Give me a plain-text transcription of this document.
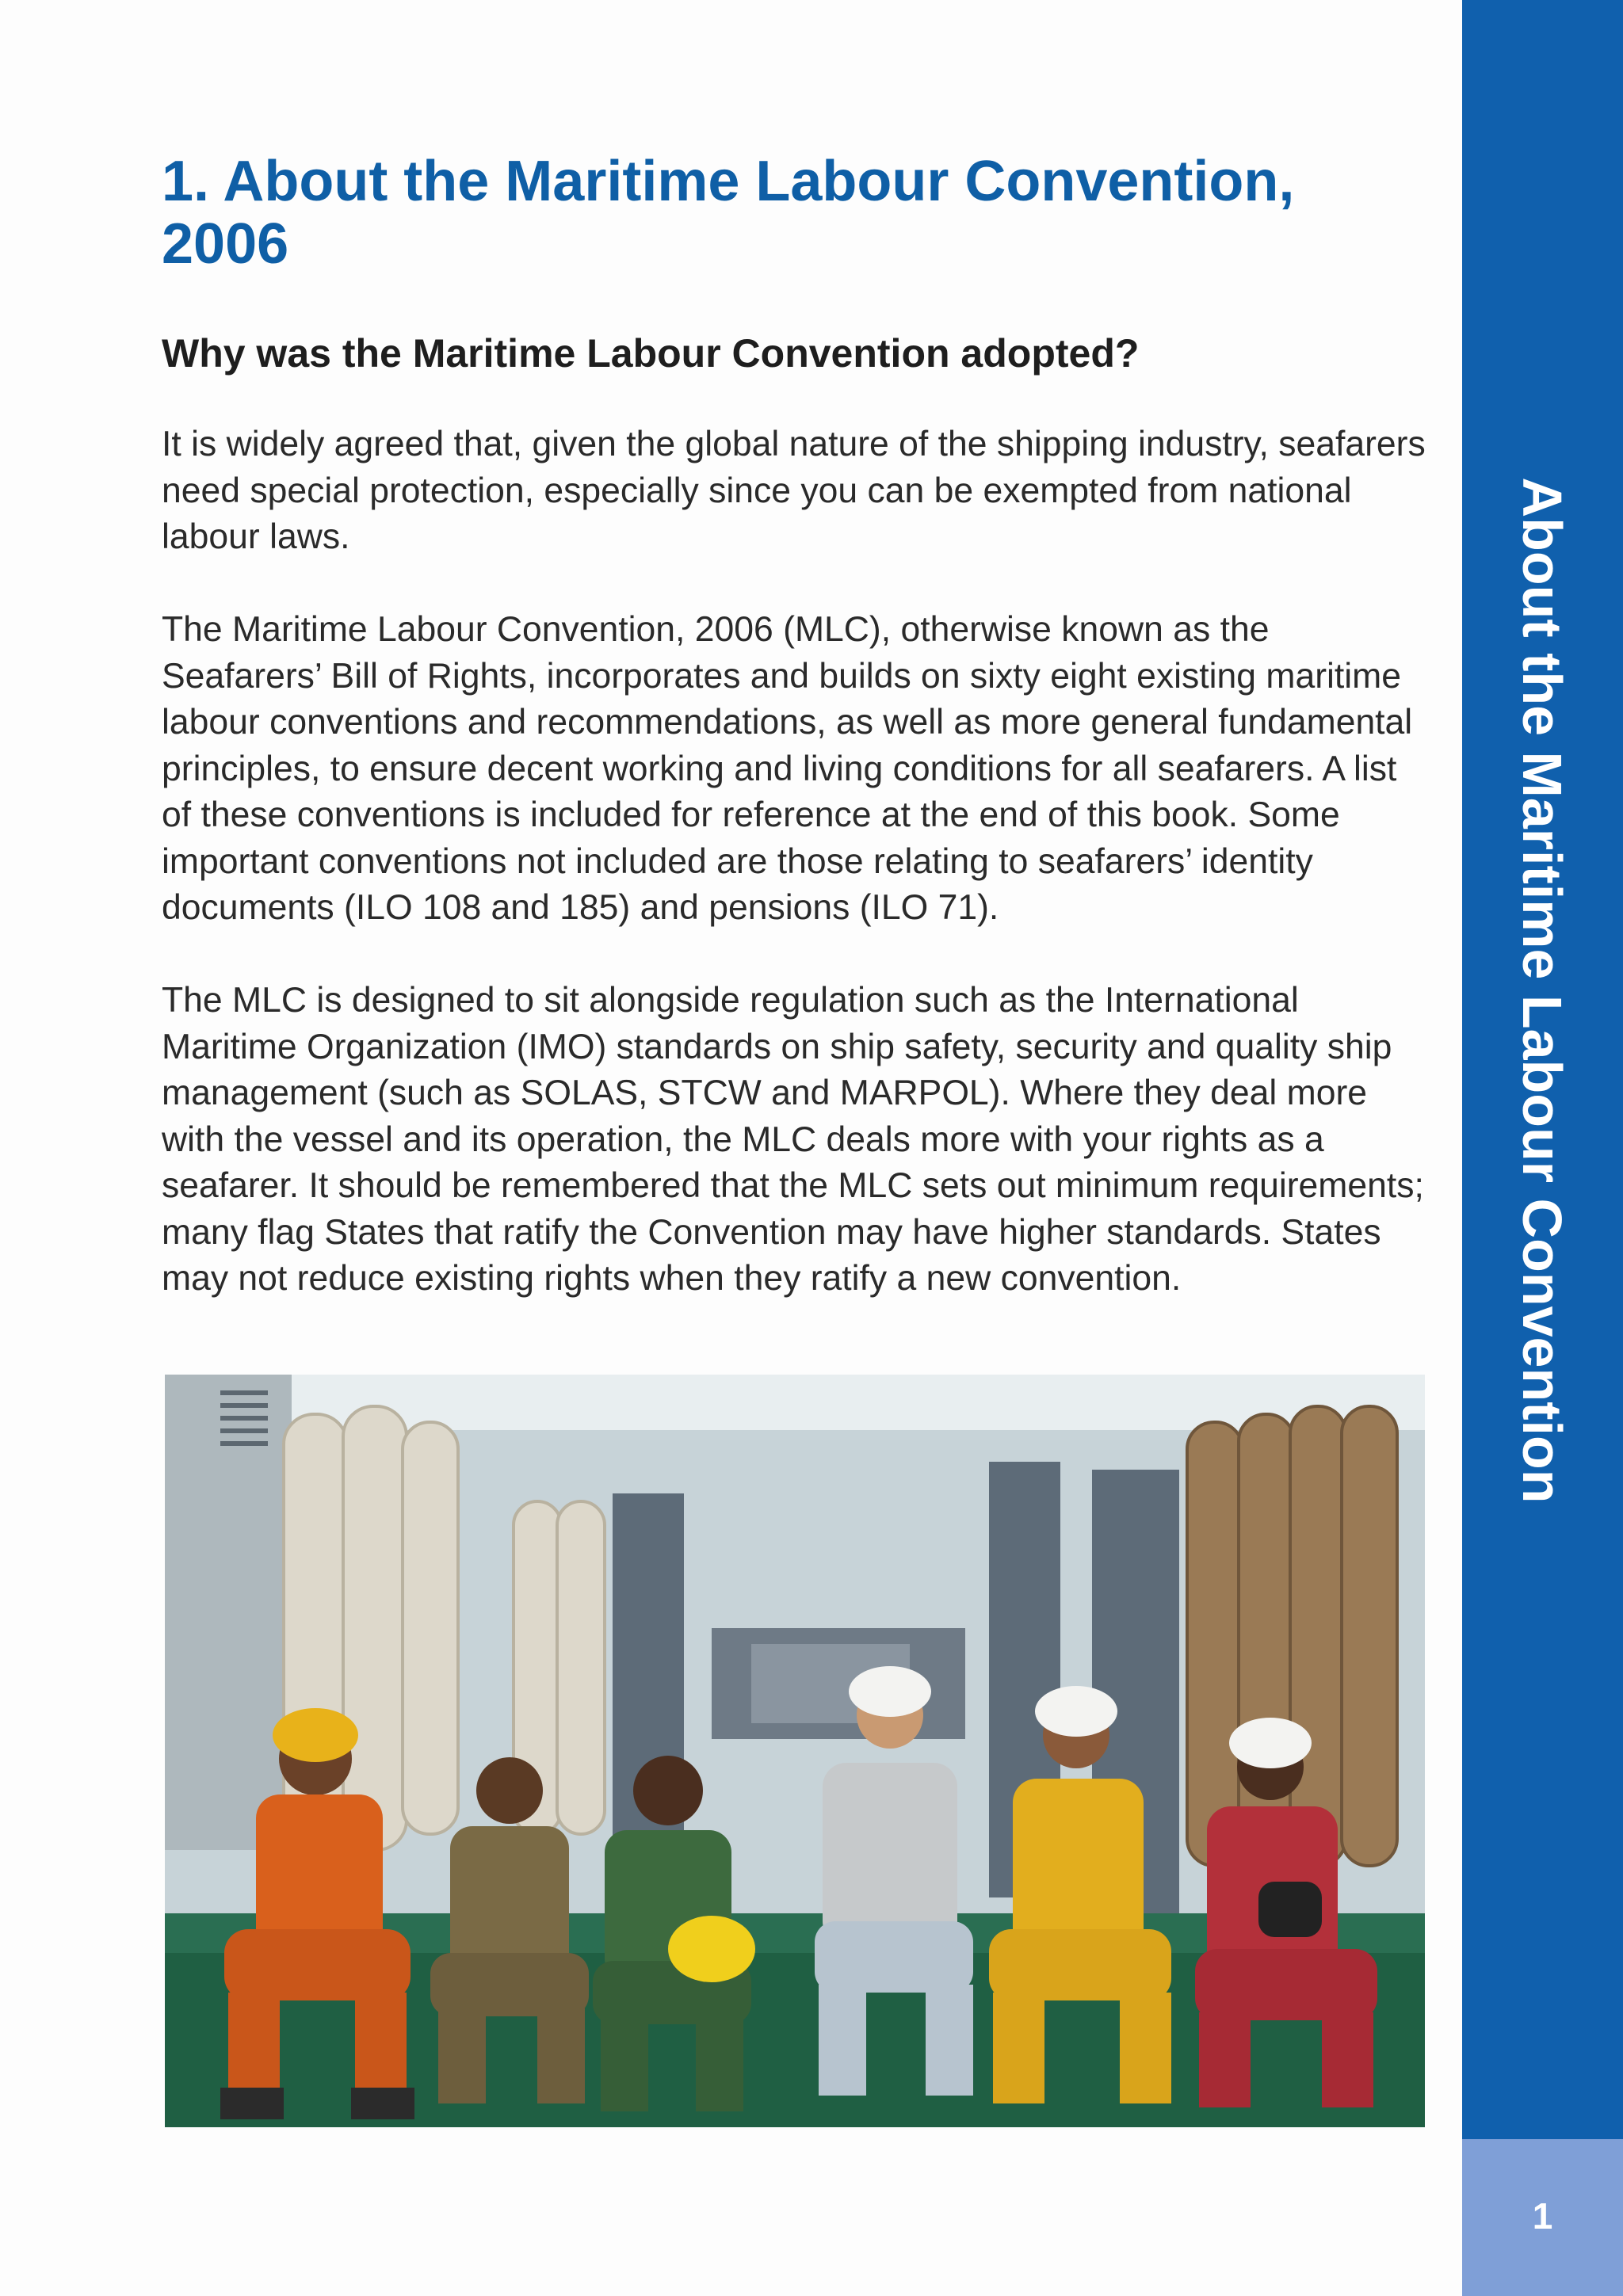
1. About the Maritime Labour Convention, 2006
Why was the Maritime Labour Convention adopted?

It is widely agreed that, given the global nature of the shipping industry, seafarers need special protection, especially since you can be exempted from national labour laws.

The Maritime Labour Convention, 2006 (MLC), otherwise known as the Seafarers’ Bill of Rights, incorporates and builds on sixty eight existing maritime labour conventions and recommendations, as well as more general fundamental principles, to ensure decent working and living conditions for all seafarers. A list of these conventions is included for reference at the end of this book. Some important conventions not included are those relating to seafarers’ identity documents (ILO 108 and 185) and pensions (ILO 71).

The MLC is designed to sit alongside regulation such as the International Maritime Organization (IMO) standards on ship safety, security and quality ship management (such as SOLAS, STCW and MARPOL). Where they deal more with the vessel and its operation, the MLC deals more with your rights as a seafarer. It should be remembered that the MLC sets out minimum requirements; many flag States that ratify the Convention may have higher standards. States may not reduce existing rights when they ratify a new convention.	About the Maritime Labour Convention
1
